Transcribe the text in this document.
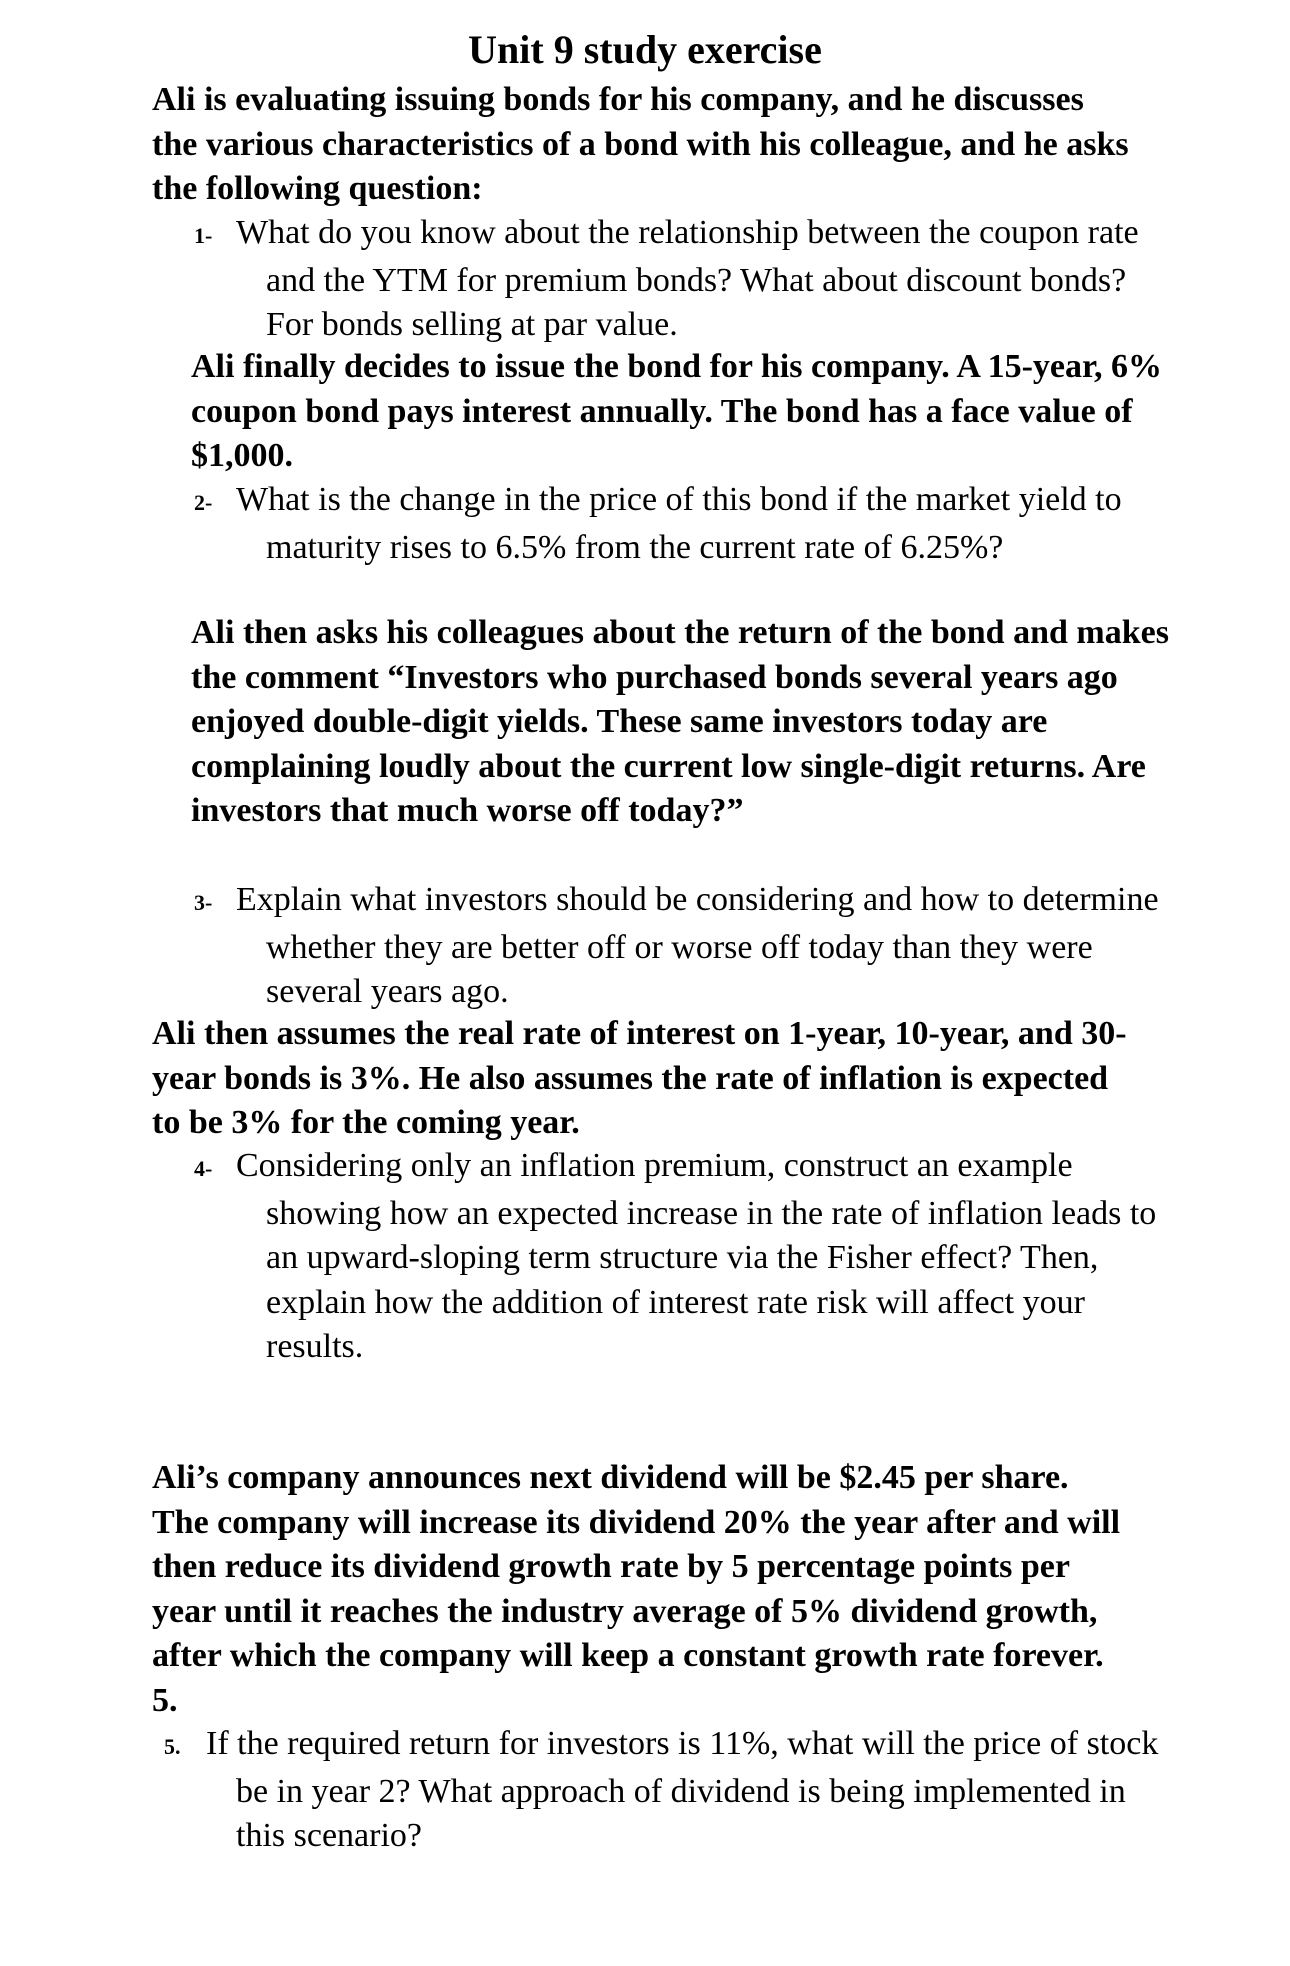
Unit 9 study exercise

Ali is evaluating issuing bonds for his company, and he discusses the various characteristics of a bond with his colleague, and he asks the following question:

1- What do you know about the relationship between the coupon rate and the YTM for premium bonds? What about discount bonds? For bonds selling at par value.

Ali finally decides to issue the bond for his company. A 15-year, 6% coupon bond pays interest annually. The bond has a face value of $1,000.

2- What is the change in the price of this bond if the market yield to maturity rises to 6.5% from the current rate of 6.25%?

Ali then asks his colleagues about the return of the bond and makes the comment “Investors who purchased bonds several years ago enjoyed double-digit yields. These same investors today are complaining loudly about the current low single-digit returns. Are investors that much worse off today?”

3- Explain what investors should be considering and how to determine whether they are better off or worse off today than they were several years ago.

Ali then assumes the real rate of interest on 1-year, 10-year, and 30-year bonds is 3%. He also assumes the rate of inflation is expected to be 3% for the coming year.

4- Considering only an inflation premium, construct an example showing how an expected increase in the rate of inflation leads to an upward-sloping term structure via the Fisher effect? Then, explain how the addition of interest rate risk will affect your results.

Ali’s company announces next dividend will be $2.45 per share. The company will increase its dividend 20% the year after and will then reduce its dividend growth rate by 5 percentage points per year until it reaches the industry average of 5% dividend growth, after which the company will keep a constant growth rate forever. 5.

5. If the required return for investors is 11%, what will the price of stock be in year 2? What approach of dividend is being implemented in this scenario?
